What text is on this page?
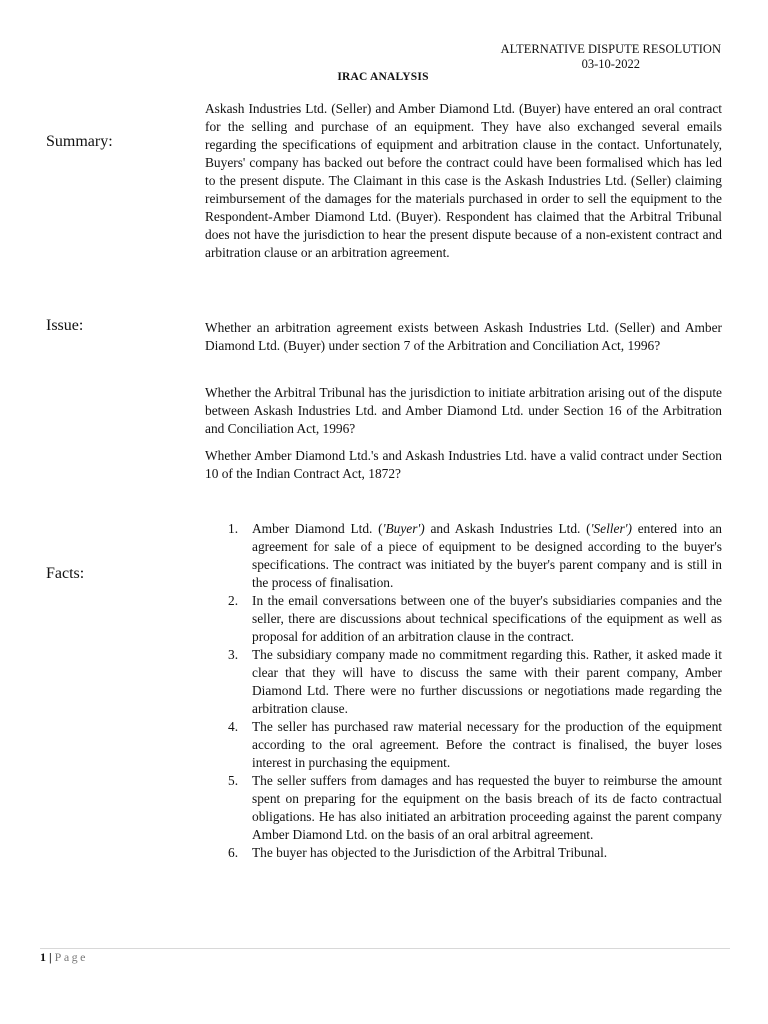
ALTERNATIVE DISPUTE RESOLUTION
03-10-2022
IRAC ANALYSIS
Summary:

Askash Industries Ltd. (Seller) and Amber Diamond Ltd. (Buyer) have entered an oral contract for the selling and purchase of an equipment. They have also exchanged several emails regarding the specifications of equipment and arbitration clause in the contact. Unfortunately, Buyers' company has backed out before the contract could have been formalised which has led to the present dispute. The Claimant in this case is the Askash Industries Ltd. (Seller) claiming reimbursement of the damages for the materials purchased in order to sell the equipment to the Respondent-Amber Diamond Ltd. (Buyer). Respondent has claimed that the Arbitral Tribunal does not have the jurisdiction to hear the present dispute because of a non-existent contract and arbitration clause or an arbitration agreement.

Issue:	Whether an arbitration agreement exists between Askash Industries Ltd. (Seller) and Amber Diamond Ltd. (Buyer) under section 7 of the Arbitration and Conciliation Act, 1996?

Whether the Arbitral Tribunal has the jurisdiction to initiate arbitration arising out of the dispute between Askash Industries Ltd. and Amber Diamond Ltd. under Section 16 of the Arbitration and Conciliation Act, 1996?

Whether Amber Diamond Ltd.'s and Askash Industries Ltd. have a valid contract under Section 10 of the Indian Contract Act, 1872?

Facts:
1. Amber Diamond Ltd. ('Buyer') and Askash Industries Ltd. ('Seller') entered into an agreement for sale of a piece of equipment to be designed according to the buyer's specifications. The contract was initiated by the buyer's parent company and is still in the process of finalisation.
2. In the email conversations between one of the buyer's subsidiaries companies and the seller, there are discussions about technical specifications of the equipment as well as proposal for addition of an arbitration clause in the contract.
3. The subsidiary company made no commitment regarding this. Rather, it asked made it clear that they will have to discuss the same with their parent company, Amber Diamond Ltd. There were no further discussions or negotiations made regarding the arbitration clause.
4. The seller has purchased raw material necessary for the production of the equipment according to the oral agreement. Before the contract is finalised, the buyer loses interest in purchasing the equipment.
5. The seller suffers from damages and has requested the buyer to reimburse the amount spent on preparing for the equipment on the basis breach of its de facto contractual obligations. He has also initiated an arbitration proceeding against the parent company Amber Diamond Ltd. on the basis of an oral arbitral agreement.
6. The buyer has objected to the Jurisdiction of the Arbitral Tribunal.
1 | Page
